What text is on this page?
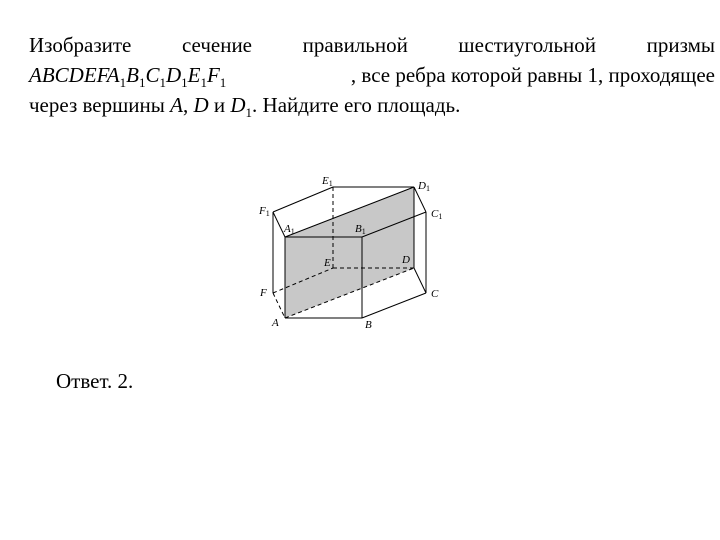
Изобразите сечение правильной шестиугольной призмы
$ABCDEFA_1B_1C_1D_1E_1F_1$	, все ребра которой равны 1, проходящее
через вершины A, D и $D_1$. Найдите его площадь.
E1	D1
F1	C1
A1	B1
E	D
F	C
A	B
Ответ. 2.
